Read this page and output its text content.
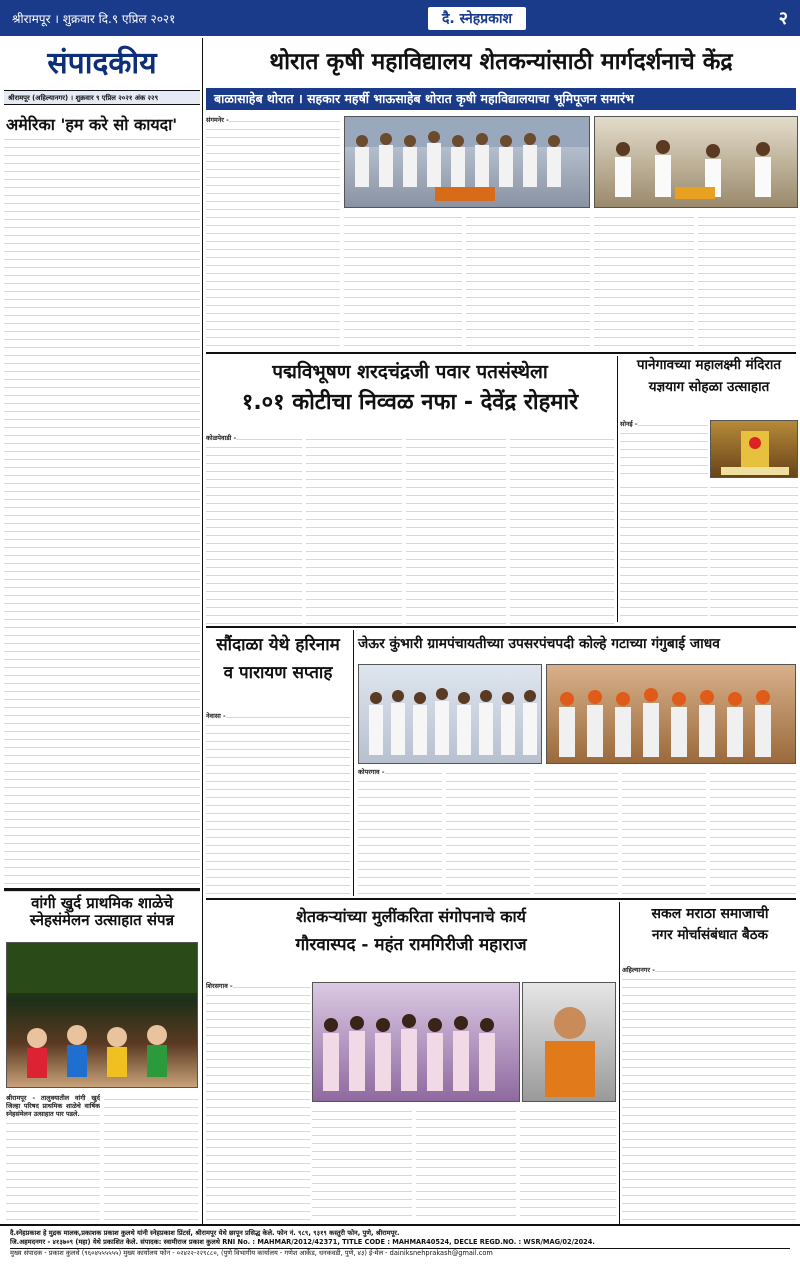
श्रीरामपूर । शुक्रवार दि.९ एप्रिल २०२१	दै. स्नेहप्रकाश	२
संपादकीय
श्रीरामपूर (अहिल्यानगर) । शुक्रवार ९ एप्रिल २०२१ अंक २२९
अमेरिका 'हम करे सो कायदा'
वांगी खुर्द प्राथमिक शाळेचे स्नेहसंमेलन उत्साहात संपन्न
श्रीरामपूर - तालुक्यातील वांगी खुर्द जिल्हा परिषद प्राथमिक शाळेचे वार्षिक स्नेहसंमेलन उत्साहात पार पडले.
थोरात कृषी महाविद्यालय शेतकन्यांसाठी मार्गदर्शनाचे केंद्र
बाळासाहेब थोरात । सहकार महर्षी भाऊसाहेब थोरात कृषी महाविद्यालयाचा भूमिपूजन समारंभ
संगमनेर -
पद्मविभूषण शरदचंद्रजी पवार पतसंस्थेला
१.०१ कोटीचा निव्वळ नफा - देवेंद्र रोहमारे
कोळपेवाडी -
पानेगावच्या महालक्ष्मी मंदिरात
यज्ञयाग सोहळा उत्साहात
सोनई -
सौंदाळा येथे हरिनाम
व पारायण सप्ताह
नेवासा -
जेऊर कुंभारी ग्रामपंचायतीच्या उपसरपंचपदी कोल्हे गटाच्या गंगुबाई जाधव
कोपरगाव -
शेतकऱ्यांच्या मुलींकरिता संगोपनाचे कार्य
गौरवास्पद - महंत रामगिरीजी महाराज
शिरसगाव -
सकल मराठा समाजाची
नगर मोर्चासंबंधात बैठक
अहिल्यानगर -
दै.स्नेहप्रकाश हे मुद्रक मालक,प्रकाशक प्रकाश कुलथे यांनी स्नेहप्रकाश प्रिंटर्स, श्रीरामपूर येथे छापून प्रसिद्ध केले. फोन नं. ९८९, ९३१९ कस्तुरी फोन, पुणे, श्रीरामपूर.
जि.अहमदनगर - ४१३७०९ (महा) येथे प्रकाशित केले. संपादक: स्वामीराज प्रकाश कुलथे RNI No. : MAHMAR/2012/42371, TITLE CODE : MAHMAR40524, DECLE REGD.NO. : WSR/MAG/02/2024.
मुख्य संपादक - प्रकाश कुलथे (९६०४५५५५५५) मुख्य कार्यालय फोन - ०२४२२-२२९८८०, (पुणे विभागीय कार्यालय - गणेश आर्केड, धनकवडी, पुणे, ४३) ई-मेल - dainiksnehprakash@gmail.com
